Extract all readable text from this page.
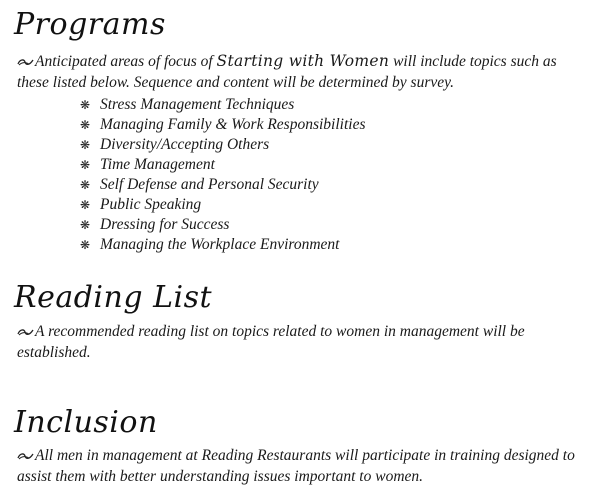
Programs

Anticipated areas of focus of Starting with Women will include topics such as these listed below. Sequence and content will be determined by survey.

❋ Stress Management Techniques
❋ Managing Family & Work Responsibilities
❋ Diversity/Accepting Others
❋ Time Management
❋ Self Defense and Personal Security
❋ Public Speaking
❋ Dressing for Success
❋ Managing the Workplace Environment
Reading List

A recommended reading list on topics related to women in management will be established.

Inclusion

All men in management at Reading Restaurants will participate in training designed to assist them with better understanding issues important to women.
